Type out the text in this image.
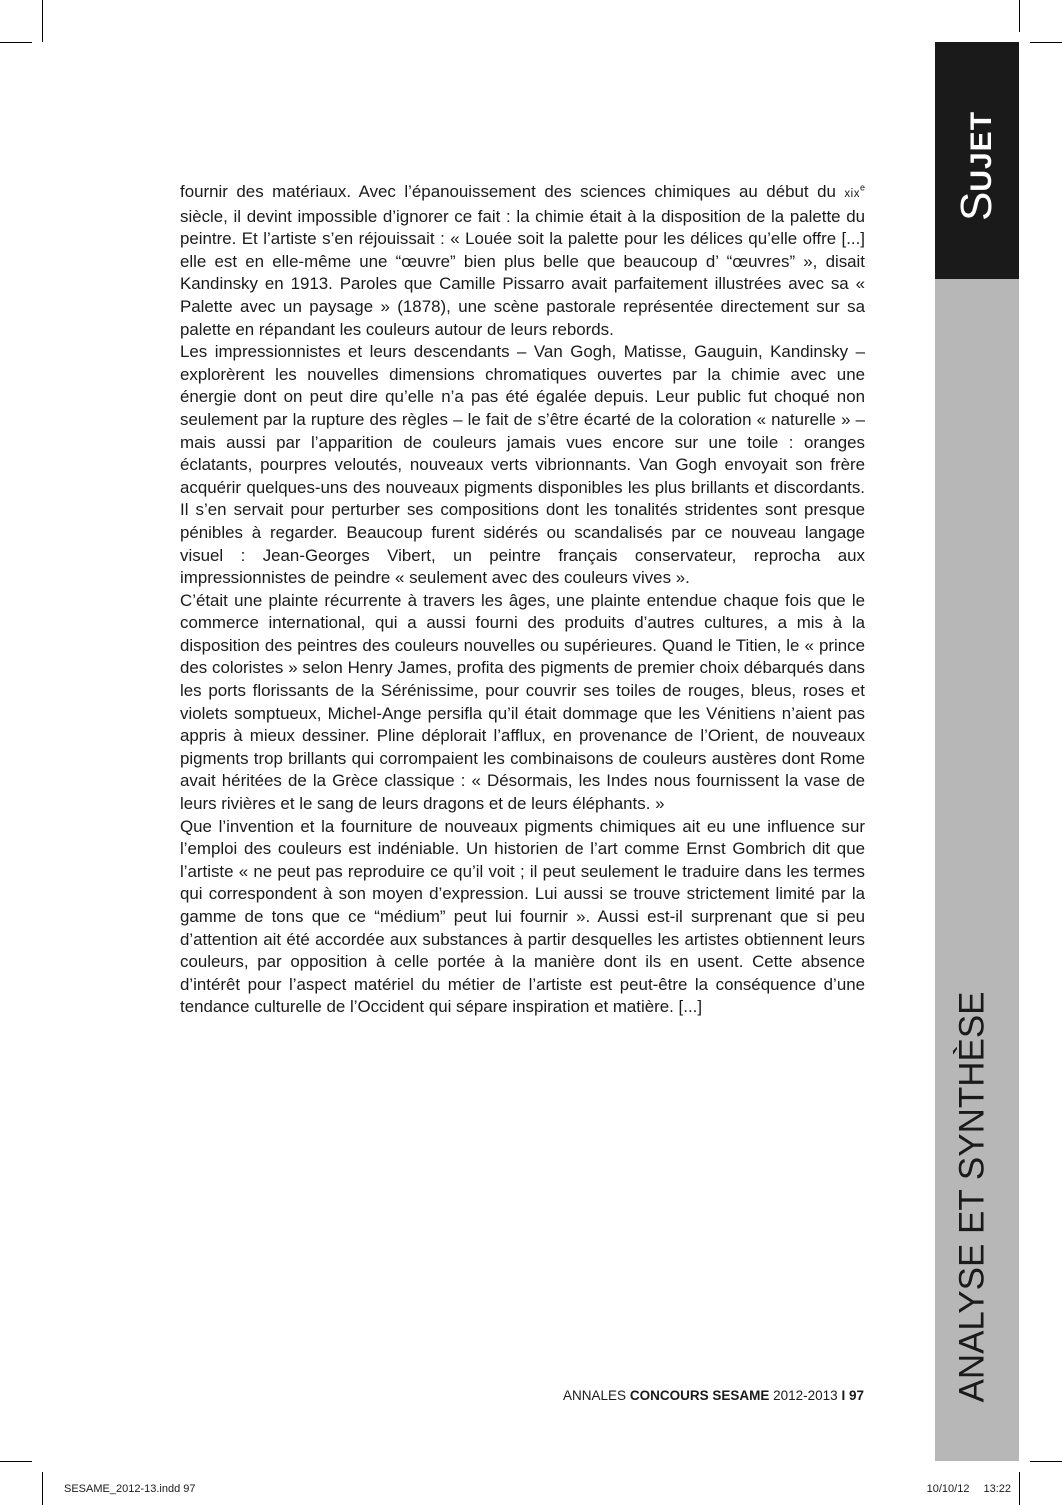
SUJET
ANALYSE ET SYNTHÈSE

fournir des matériaux. Avec l’épanouissement des sciences chimiques au début du xix$^e$ siècle, il devint impossible d’ignorer ce fait : la chimie était à la disposition de la palette du peintre. Et l’artiste s’en réjouissait : « Louée soit la palette pour les délices qu’elle offre [...] elle est en elle-même une “œuvre” bien plus belle que beaucoup d’ “œuvres” », disait Kandinsky en 1913. Paroles que Camille Pissarro avait parfaitement illustrées avec sa « Palette avec un paysage » (1878), une scène pastorale représentée directement sur sa palette en répandant les couleurs autour de leurs rebords.

Les impressionnistes et leurs descendants – Van Gogh, Matisse, Gauguin, Kandinsky – explorèrent les nouvelles dimensions chromatiques ouvertes par la chimie avec une énergie dont on peut dire qu’elle n’a pas été égalée depuis. Leur public fut choqué non seulement par la rupture des règles – le fait de s’être écarté de la coloration « naturelle » – mais aussi par l’apparition de couleurs jamais vues encore sur une toile : oranges éclatants, pourpres veloutés, nouveaux verts vibrionnants. Van Gogh envoyait son frère acquérir quelques-uns des nouveaux pigments disponibles les plus brillants et discordants. Il s’en servait pour perturber ses compositions dont les tonalités stridentes sont presque pénibles à regarder. Beaucoup furent sidérés ou scandalisés par ce nouveau langage visuel : Jean-Georges Vibert, un peintre français conservateur, reprocha aux impressionnistes de peindre « seulement avec des couleurs vives ».

C’était une plainte récurrente à travers les âges, une plainte entendue chaque fois que le commerce international, qui a aussi fourni des produits d’autres cultures, a mis à la disposition des peintres des couleurs nouvelles ou supérieures. Quand le Titien, le « prince des coloristes » selon Henry James, profita des pigments de premier choix débarqués dans les ports florissants de la Sérénissime, pour couvrir ses toiles de rouges, bleus, roses et violets somptueux, Michel-Ange persifla qu’il était dommage que les Vénitiens n’aient pas appris à mieux dessiner. Pline déplorait l’afflux, en provenance de l’Orient, de nouveaux pigments trop brillants qui corrompaient les combinaisons de couleurs austères dont Rome avait héritées de la Grèce classique : « Désormais, les Indes nous fournissent la vase de leurs rivières et le sang de leurs dragons et de leurs éléphants. »

Que l’invention et la fourniture de nouveaux pigments chimiques ait eu une influence sur l’emploi des couleurs est indéniable. Un historien de l’art comme Ernst Gombrich dit que l’artiste « ne peut pas reproduire ce qu’il voit ; il peut seulement le traduire dans les termes qui correspondent à son moyen d’expression. Lui aussi se trouve strictement limité par la gamme de tons que ce “médium” peut lui fournir ». Aussi est-il surprenant que si peu d’attention ait été accordée aux substances à partir desquelles les artistes obtiennent leurs couleurs, par opposition à celle portée à la manière dont ils en usent. Cette absence d’intérêt pour l’aspect matériel du métier de l’artiste est peut-être la conséquence d’une tendance culturelle de l’Occident qui sépare inspiration et matière. [...]

ANNALES CONCOURS SESAME 2012-2013 I 97
SESAME_2012-13.indd 97	10/10/12 13:22
